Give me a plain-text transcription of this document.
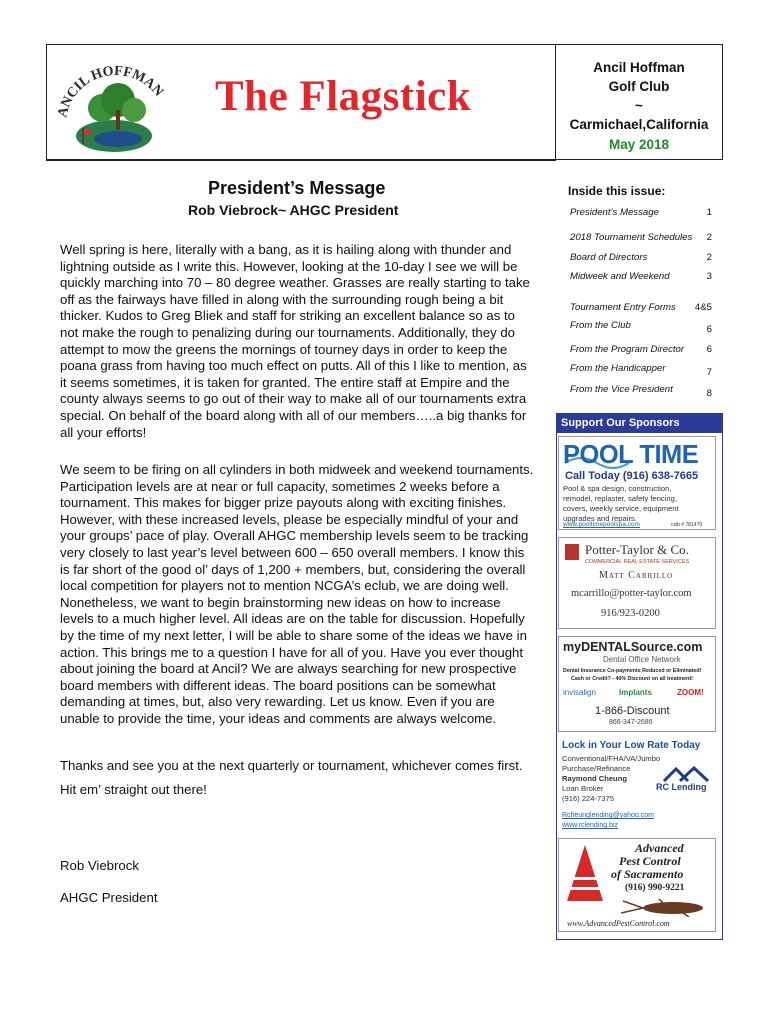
ANCIL HOFFMAN The Flagstick
Ancil Hoffman
Golf Club
~
Carmichael,California
May 2018
President’s Message
Rob Viebrock~ AHGC President
Well spring is here, literally with a bang, as it is hailing along with thunder and lightning outside as I write this. However, looking at the 10-day I see we will be quickly marching into 70 – 80 degree weather. Grasses are really starting to take off as the fairways have filled in along with the surrounding rough being a bit thicker. Kudos to Greg Bliek and staff for striking an excellent balance so as to not make the rough to penalizing during our tournaments. Additionally, they do attempt to mow the greens the mornings of tourney days in order to keep the poana grass from having too much effect on putts. All of this I like to mention, as it seems sometimes, it is taken for granted. The entire staff at Empire and the county always seems to go out of their way to make all of our tournaments extra special. On behalf of the board along with all of our members…..a big thanks for all your efforts!
We seem to be firing on all cylinders in both midweek and weekend tournaments. Participation levels are at near or full capacity, sometimes 2 weeks before a tournament. This makes for bigger prize payouts along with exciting finishes. However, with these increased levels, please be especially mindful of your and your groups’ pace of play. Overall AHGC membership levels seem to be tracking very closely to last year’s level between 600 – 650 overall members. I know this is far short of the good ol’ days of 1,200 + members, but, considering the overall local competition for players not to mention NCGA’s eclub, we are doing well. Nonetheless, we want to begin brainstorming new ideas on how to increase levels to a much higher level. All ideas are on the table for discussion. Hopefully by the time of my next letter, I will be able to share some of the ideas we have in action. This brings me to a question I have for all of you. Have you ever thought about joining the board at Ancil? We are always searching for new prospective board members with different ideas. The board positions can be somewhat demanding at times, but, also very rewarding. Let us know. Even if you are unable to provide the time, your ideas and comments are always welcome.
Thanks and see you at the next quarterly or tournament, whichever comes first.
Hit em’ straight out there!
Rob Viebrock
AHGC President
Inside this issue:
President’s Message	1
2018 Tournament Schedules 2
Board of Directors	2
Midweek and Weekend	3
Tournament Entry Forms 4&5
From the Club	6
From the Program Director 6
From the Handicapper	7
From the Vice President	8
Support Our Sponsors
POOL TIME
Call Today (916) 638-7665
Pool & spa design, construction,
remodel, replaster, safety fencing,
covers, weekly service, equipment
upgrades and repairs.
www.pooltimepoolspa.com	cslb # 781470
Potter-Taylor & Co.
COMMERCIAL REAL ESTATE SERVICES
Matt Carrillo
mcarrillo@potter-taylor.com
916/923-0200
myDENTALSource.com
Dental Office Network
Dental Insurance Co-payments Reduced or Eliminated!
Cash or Credit? - 40% Discount on all treatment!
invisalign	Implants	ZOOM!
1-866-Discount
866-347-2686
Lock in Your Low Rate Today
Conventional/FHA/VA/Jumbo
Purchase/Refinance
Raymond Cheung
Loan Broker
(916) 224-7375
RC Lending
Rcheunglending@yahoo.com
www.rclending.biz
Advanced
Pest Control
of Sacramento
(916) 990-9221
www.AdvancedPestControl.com
